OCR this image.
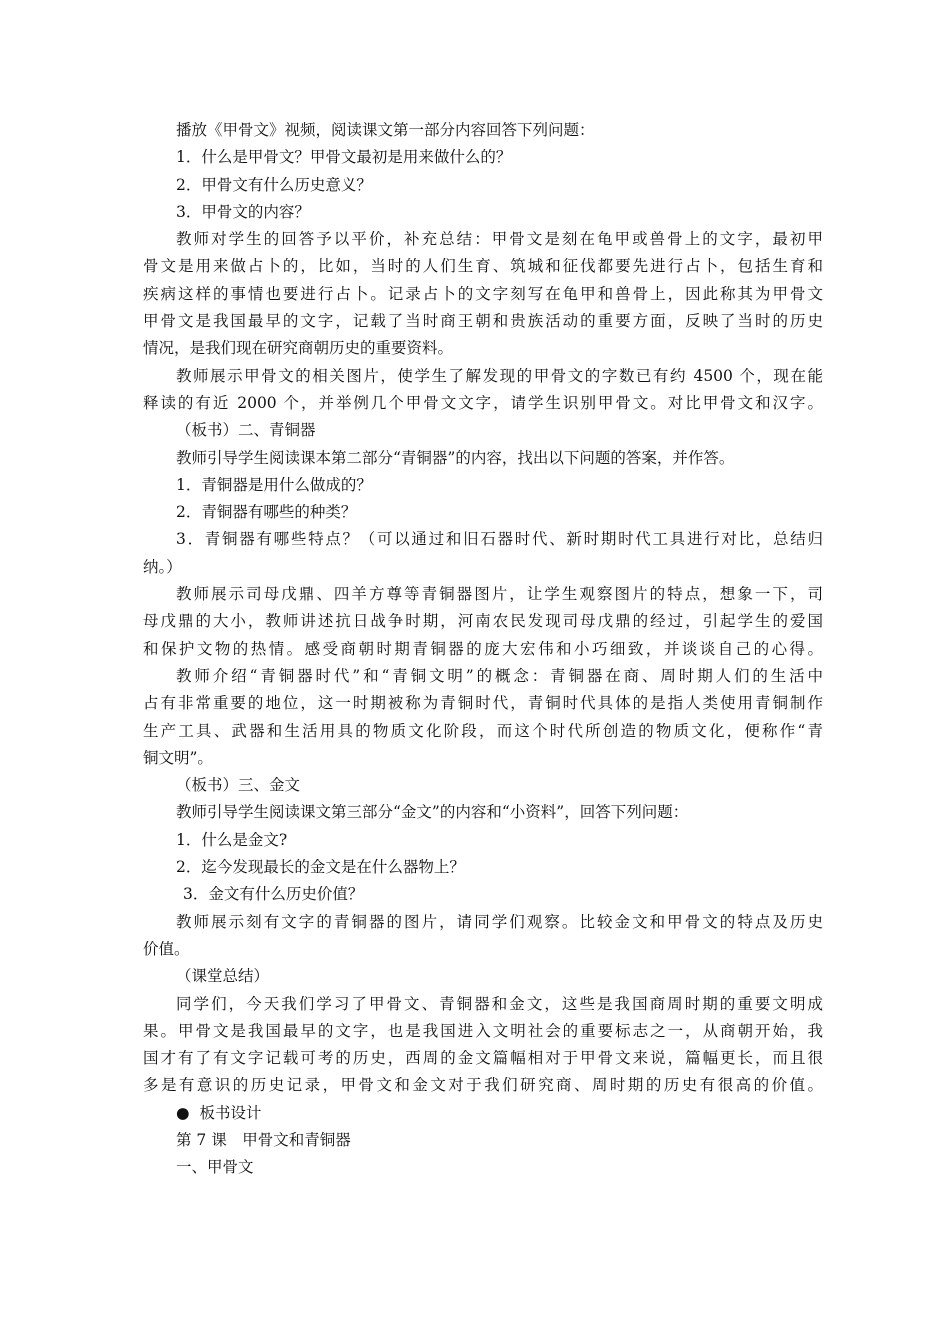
播放《甲骨文》视频，阅读课文第一部分内容回答下列问题：
1．什么是甲骨文？甲骨文最初是用来做什么的？
2．甲骨文有什么历史意义？
3．甲骨文的内容？
教师对学生的回答予以平价，补充总结：甲骨文是刻在龟甲或兽骨上的文字，最初甲
骨文是用来做占卜的，比如，当时的人们生育、筑城和征伐都要先进行占卜，包括生育和
疾病这样的事情也要进行占卜。记录占卜的文字刻写在龟甲和兽骨上，因此称其为甲骨文
甲骨文是我国最早的文字，记载了当时商王朝和贵族活动的重要方面，反映了当时的历史
情况，是我们现在研究商朝历史的重要资料。
教师展示甲骨文的相关图片，使学生了解发现的甲骨文的字数已有约 4500 个，现在能
释读的有近 2000 个，并举例几个甲骨文文字，请学生识别甲骨文。对比甲骨文和汉字。
（板书）二、青铜器
教师引导学生阅读课本第二部分“青铜器”的内容，找出以下问题的答案，并作答。
1．青铜器是用什么做成的？
2．青铜器有哪些的种类？
3．青铜器有哪些特点？（可以通过和旧石器时代、新时期时代工具进行对比，总结归
纳。）
教师展示司母戊鼎、四羊方尊等青铜器图片，让学生观察图片的特点，想象一下，司
母戊鼎的大小，教师讲述抗日战争时期，河南农民发现司母戊鼎的经过，引起学生的爱国
和保护文物的热情。感受商朝时期青铜器的庞大宏伟和小巧细致，并谈谈自己的心得。
教师介绍“青铜器时代”和“青铜文明”的概念：青铜器在商、周时期人们的生活中
占有非常重要的地位，这一时期被称为青铜时代，青铜时代具体的是指人类使用青铜制作
生产工具、武器和生活用具的物质文化阶段，而这个时代所创造的物质文化，便称作“青
铜文明”。
（板书）三、金文
教师引导学生阅读课文第三部分“金文”的内容和“小资料”，回答下列问题：
1．什么是金文?
2．迄今发现最长的金文是在什么器物上？
3．金文有什么历史价值？
教师展示刻有文字的青铜器的图片，请同学们观察。比较金文和甲骨文的特点及历史
价值。
（课堂总结）
同学们，今天我们学习了甲骨文、青铜器和金文，这些是我国商周时期的重要文明成
果。甲骨文是我国最早的文字，也是我国进入文明社会的重要标志之一，从商朝开始，我
国才有了有文字记载可考的历史，西周的金文篇幅相对于甲骨文来说，篇幅更长，而且很
多是有意识的历史记录，甲骨文和金文对于我们研究商、周时期的历史有很高的价值。
● 板书设计
第 7 课　甲骨文和青铜器
一、甲骨文
